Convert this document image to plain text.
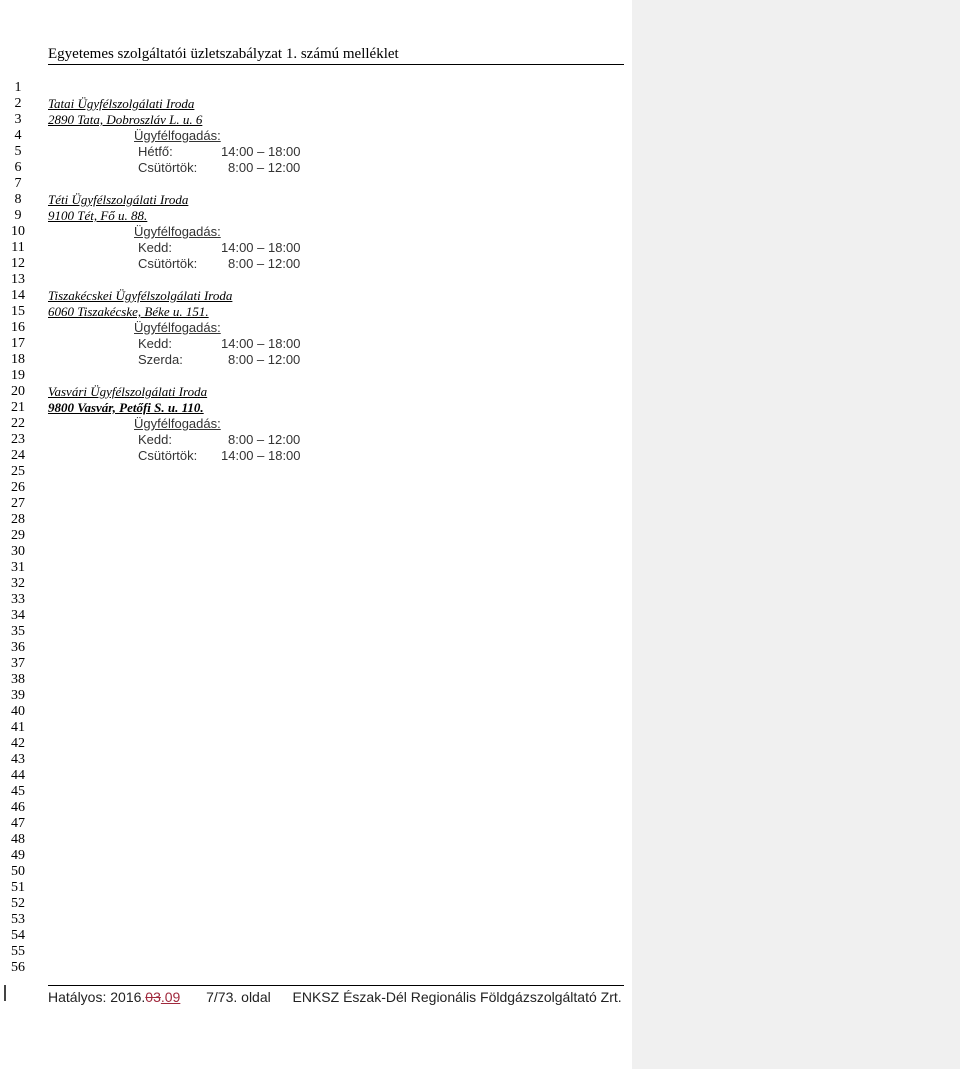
Egyetemes szolgáltatói üzletszabályzat 1. számú melléklet
1
2
3
4
5
6
7
8
9
10
11
12
13
14
15
16
17
18
19
20
21
22
23
24
25
26
27
28
29
30
31
32
33
34
35
36
37
38
39
40
41
42
43
44
45
46
47
48
49
50
51
52
53
54
55
56
Tatai Ügyfélszolgálati Iroda
2890 Tata, Dobroszláv L. u. 6
Ügyfélfogadás:
Hétfő:	14:00 – 18:00
Csütörtök: 8:00 – 12:00
Téti Ügyfélszolgálati Iroda
9100 Tét, Fő u. 88.
Ügyfélfogadás:
Kedd:	14:00 – 18:00
Csütörtök: 8:00 – 12:00
Tiszakécskei Ügyfélszolgálati Iroda
6060 Tiszakécske, Béke u. 151.
Ügyfélfogadás:
Kedd:	14:00 – 18:00
Szerda:	8:00 – 12:00
Vasvári Ügyfélszolgálati Iroda
9800 Vasvár, Petőfi S. u. 110.
Ügyfélfogadás:
Kedd:	8:00 – 12:00
Csütörtök: 14:00 – 18:00
Hatályos: 2016.03.09 7/73. oldal ENKSZ Észak-Dél Regionális Földgázszolgáltató Zrt.
